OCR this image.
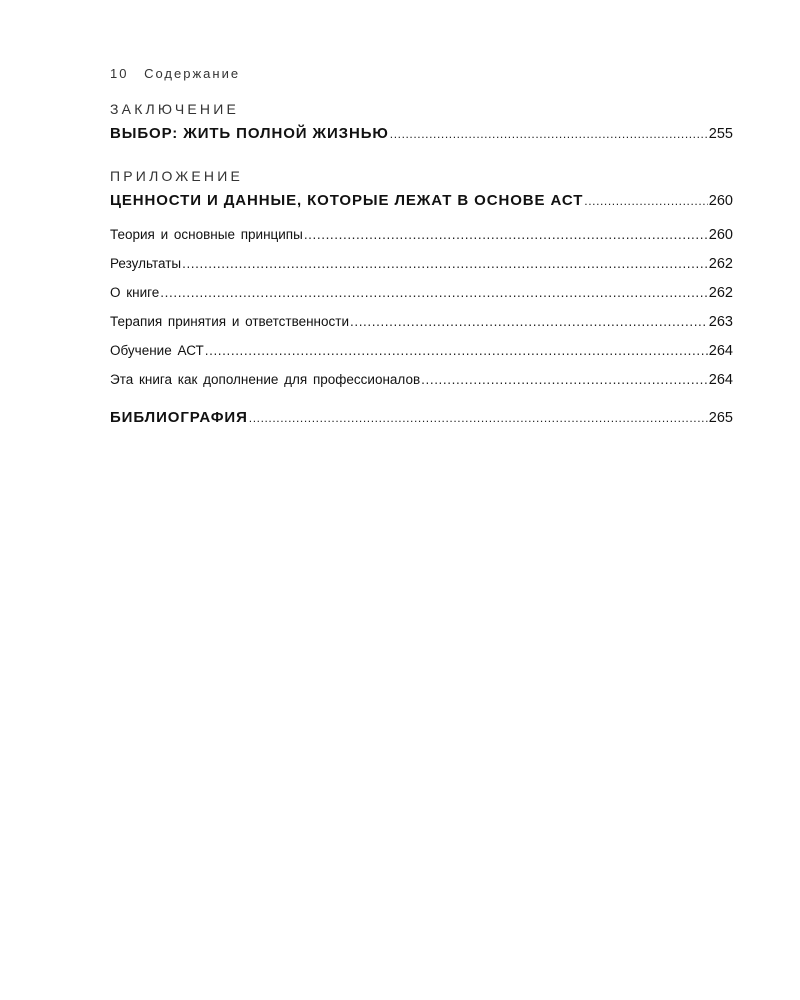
10 Содержание
ЗАКЛЮЧЕНИЕ
ВЫБОР: ЖИТЬ ПОЛНОЙ ЖИЗНЬЮ .....	255
ПРИЛОЖЕНИЕ
ЦЕННОСТИ И ДАННЫЕ, КОТОРЫЕ ЛЕЖАТ В ОСНОВЕ АСТ .....	260
Теория и основные принципы .....	260
Результаты .....	262
О книге .....	262
Терапия принятия и ответственности .....	263
Обучение АСТ .....	264
Эта книга как дополнение для профессионалов .....	264
БИБЛИОГРАФИЯ .....	265
